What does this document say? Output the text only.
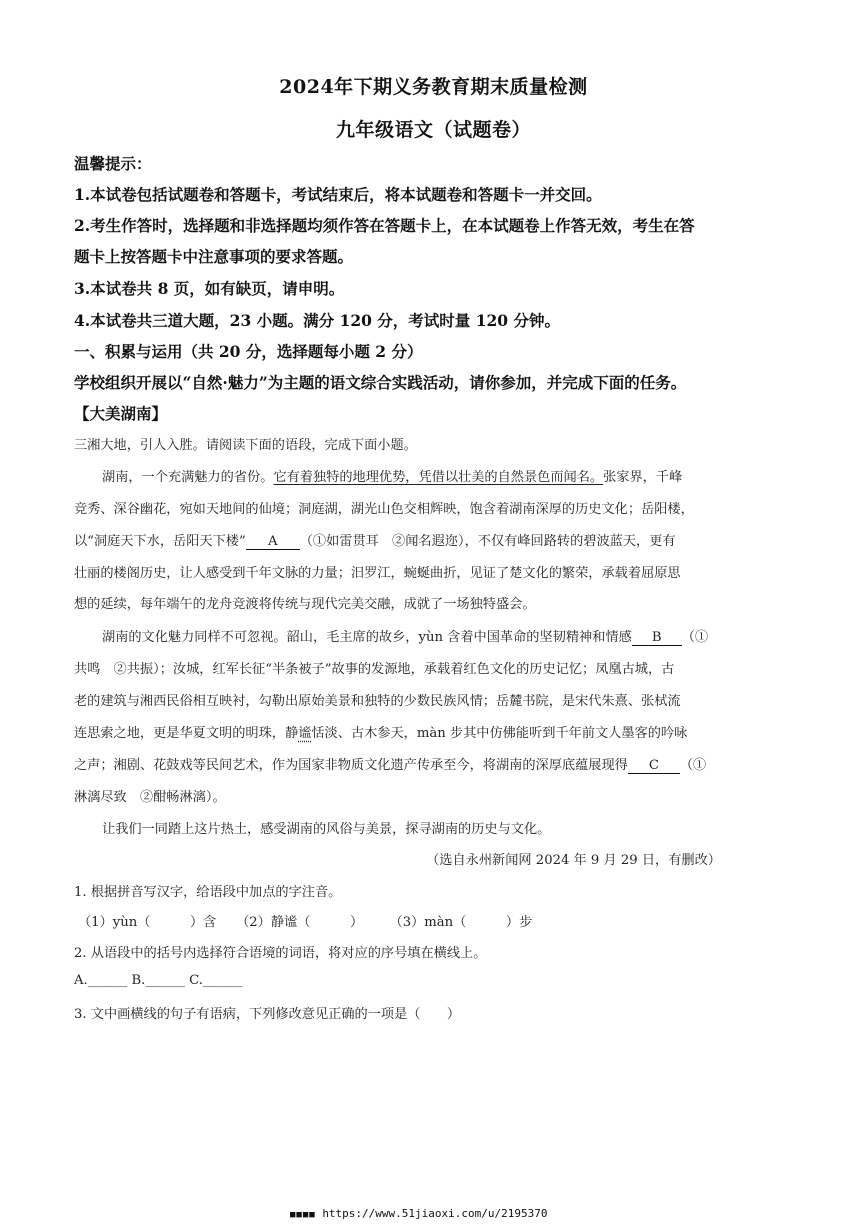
2024年下期义务教育期末质量检测
九年级语文（试题卷）
温馨提示：
1.本试卷包括试题卷和答题卡，考试结束后，将本试题卷和答题卡一并交回。
2.考生作答时，选择题和非选择题均须作答在答题卡上，在本试题卷上作答无效，考生在答
题卡上按答题卡中注意事项的要求答题。
3.本试卷共 8 页，如有缺页，请申明。
4.本试卷共三道大题，23 小题。满分 120 分，考试时量 120 分钟。
一、积累与运用（共 20 分，选择题每小题 2 分）
学校组织开展以“自然·魅力”为主题的语文综合实践活动，请你参加，并完成下面的任务。
【大美湖南】
三湘大地，引人入胜。请阅读下面的语段，完成下面小题。
湖南，一个充满魅力的省份。它有着独特的地理优势，凭借以壮美的自然景色而闻名。张家界，千峰
竞秀、深谷幽花，宛如天地间的仙境；洞庭湖，湖光山色交相辉映，饱含着湖南深厚的历史文化；岳阳楼，
以“洞庭天下水，岳阳天下楼” A （①如雷贯耳　②闻名遐迩），不仅有峰回路转的碧波蓝天，更有
壮丽的楼阁历史，让人感受到千年文脉的力量；汨罗江，蜿蜒曲折，见证了楚文化的繁荣，承载着屈原思
想的延续，每年端午的龙舟竞渡将传统与现代完美交融，成就了一场独特盛会。
湖南的文化魅力同样不可忽视。韶山，毛主席的故乡，yùn 含着中国革命的坚韧精神和情感 B （①
共鸣　②共振）；汝城，红军长征“半条被子”故事的发源地，承载着红色文化的历史记忆；凤凰古城，古
老的建筑与湘西民俗相互映衬，勾勒出原始美景和独特的少数民族风情；岳麓书院，是宋代朱熹、张栻流
连思索之地，更是华夏文明的明珠，静谧恬淡、古木参天，màn 步其中仿佛能听到千年前文人墨客的吟咏
之声；湘剧、花鼓戏等民间艺术，作为国家非物质文化遗产传承至今，将湖南的深厚底蕴展现得 C （①
淋漓尽致　②酣畅淋漓）。
让我们一同踏上这片热土，感受湖南的风俗与美景，探寻湖南的历史与文化。
（选自永州新闻网 2024 年 9 月 29 日，有删改）
1. 根据拼音写汉字，给语段中加点的字注音。
（1）yùn（　　　）含　　（2）静谧（　　　）　　　（3）màn（　　　）步
2. 从语段中的括号内选择符合语境的词语，将对应的序号填在横线上。
A.______ B.______ C.______
3. 文中画横线的句子有语病，下列修改意见正确的一项是（　　）
■■■■ https://www.51jiaoxi.com/u/2195370
